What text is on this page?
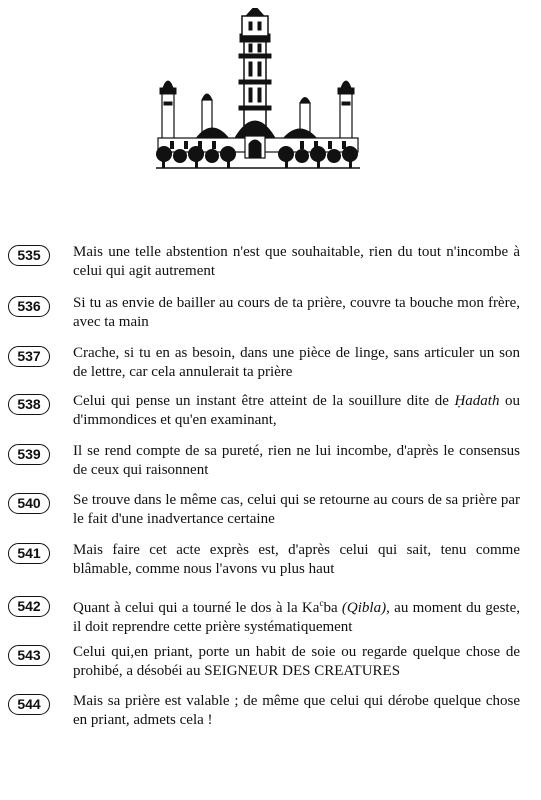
535	Mais une telle abstention n'est que souhaitable, rien du tout n'incombe à celui qui agit autrement
536	Si tu as envie de bailler au cours de ta prière, couvre ta bouche mon frère, avec ta main
537	Crache, si tu en as besoin, dans une pièce de linge, sans articuler un son de lettre, car cela annulerait ta prière
538	Celui qui pense un instant être atteint de la souillure dite de Ḥadath ou d'immondices et qu'en examinant,
539	Il se rend compte de sa pureté, rien ne lui incombe, d'après le consensus de ceux qui raisonnent
540	Se trouve dans le même cas, celui qui se retourne au cours de sa prière par le fait d'une inadvertance certaine
541	Mais faire cet acte exprès est, d'après celui qui sait, tenu comme blâmable, comme nous l'avons vu plus haut
542	Quant à celui qui a tourné le dos à la Ka$^c$ba (Qibla), au moment du geste, il doit reprendre cette prière systématiquement
543	Celui qui,en priant, porte un habit de soie ou regarde quelque chose de prohibé, a désobéi au SEIGNEUR DES CREATURES
544	Mais sa prière est valable ; de même que celui qui dérobe quelque chose en priant, admets cela !
